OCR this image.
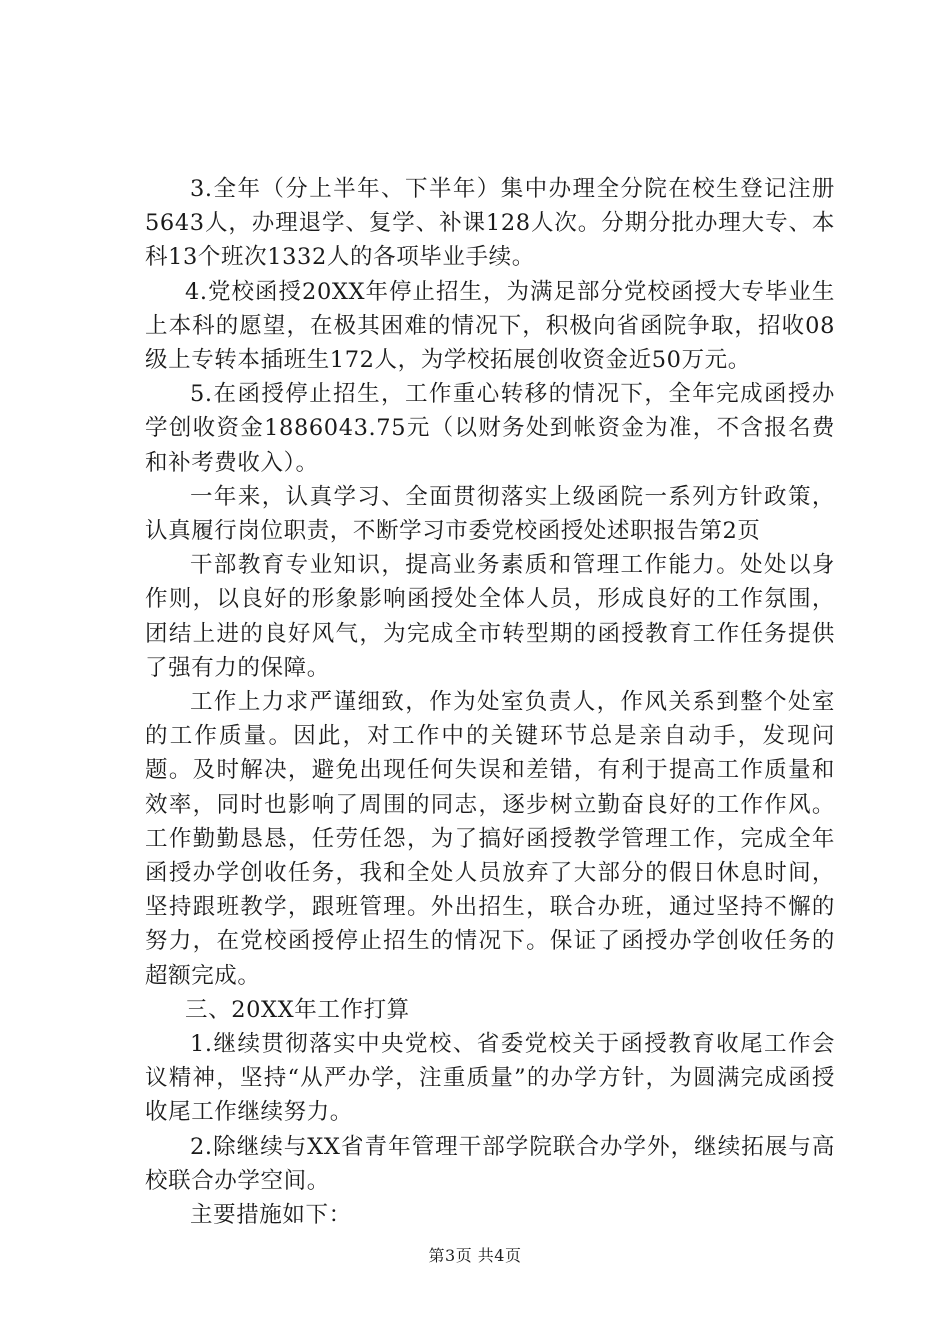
3.全年（分上半年、下半年）集中办理全分院在校生登记注册5643人，办理退学、复学、补课128人次。分期分批办理大专、本科13个班次1332人的各项毕业手续。

4.党校函授20XX年停止招生，为满足部分党校函授大专毕业生上本科的愿望，在极其困难的情况下，积极向省函院争取，招收08级上专转本插班生172人，为学校拓展创收资金近50万元。

5.在函授停止招生，工作重心转移的情况下，全年完成函授办学创收资金1886043.75元（以财务处到帐资金为准，不含报名费和补考费收入）。

一年来，认真学习、全面贯彻落实上级函院一系列方针政策，认真履行岗位职责，不断学习市委党校函授处述职报告第2页

干部教育专业知识，提高业务素质和管理工作能力。处处以身作则，以良好的形象影响函授处全体人员，形成良好的工作氛围，团结上进的良好风气，为完成全市转型期的函授教育工作任务提供了强有力的保障。

工作上力求严谨细致，作为处室负责人，作风关系到整个处室的工作质量。因此，对工作中的关键环节总是亲自动手，发现问题。及时解决，避免出现任何失误和差错，有利于提高工作质量和效率，同时也影响了周围的同志，逐步树立勤奋良好的工作作风。工作勤勤恳恳，任劳任怨，为了搞好函授教学管理工作，完成全年函授办学创收任务，我和全处人员放弃了大部分的假日休息时间，坚持跟班教学，跟班管理。外出招生，联合办班，通过坚持不懈的努力，在党校函授停止招生的情况下。保证了函授办学创收任务的超额完成。

三、20XX年工作打算

1.继续贯彻落实中央党校、省委党校关于函授教育收尾工作会议精神，坚持“从严办学，注重质量”的办学方针，为圆满完成函授收尾工作继续努力。

2.除继续与XX省青年管理干部学院联合办学外，继续拓展与高校联合办学空间。

主要措施如下：

第3页 共4页
